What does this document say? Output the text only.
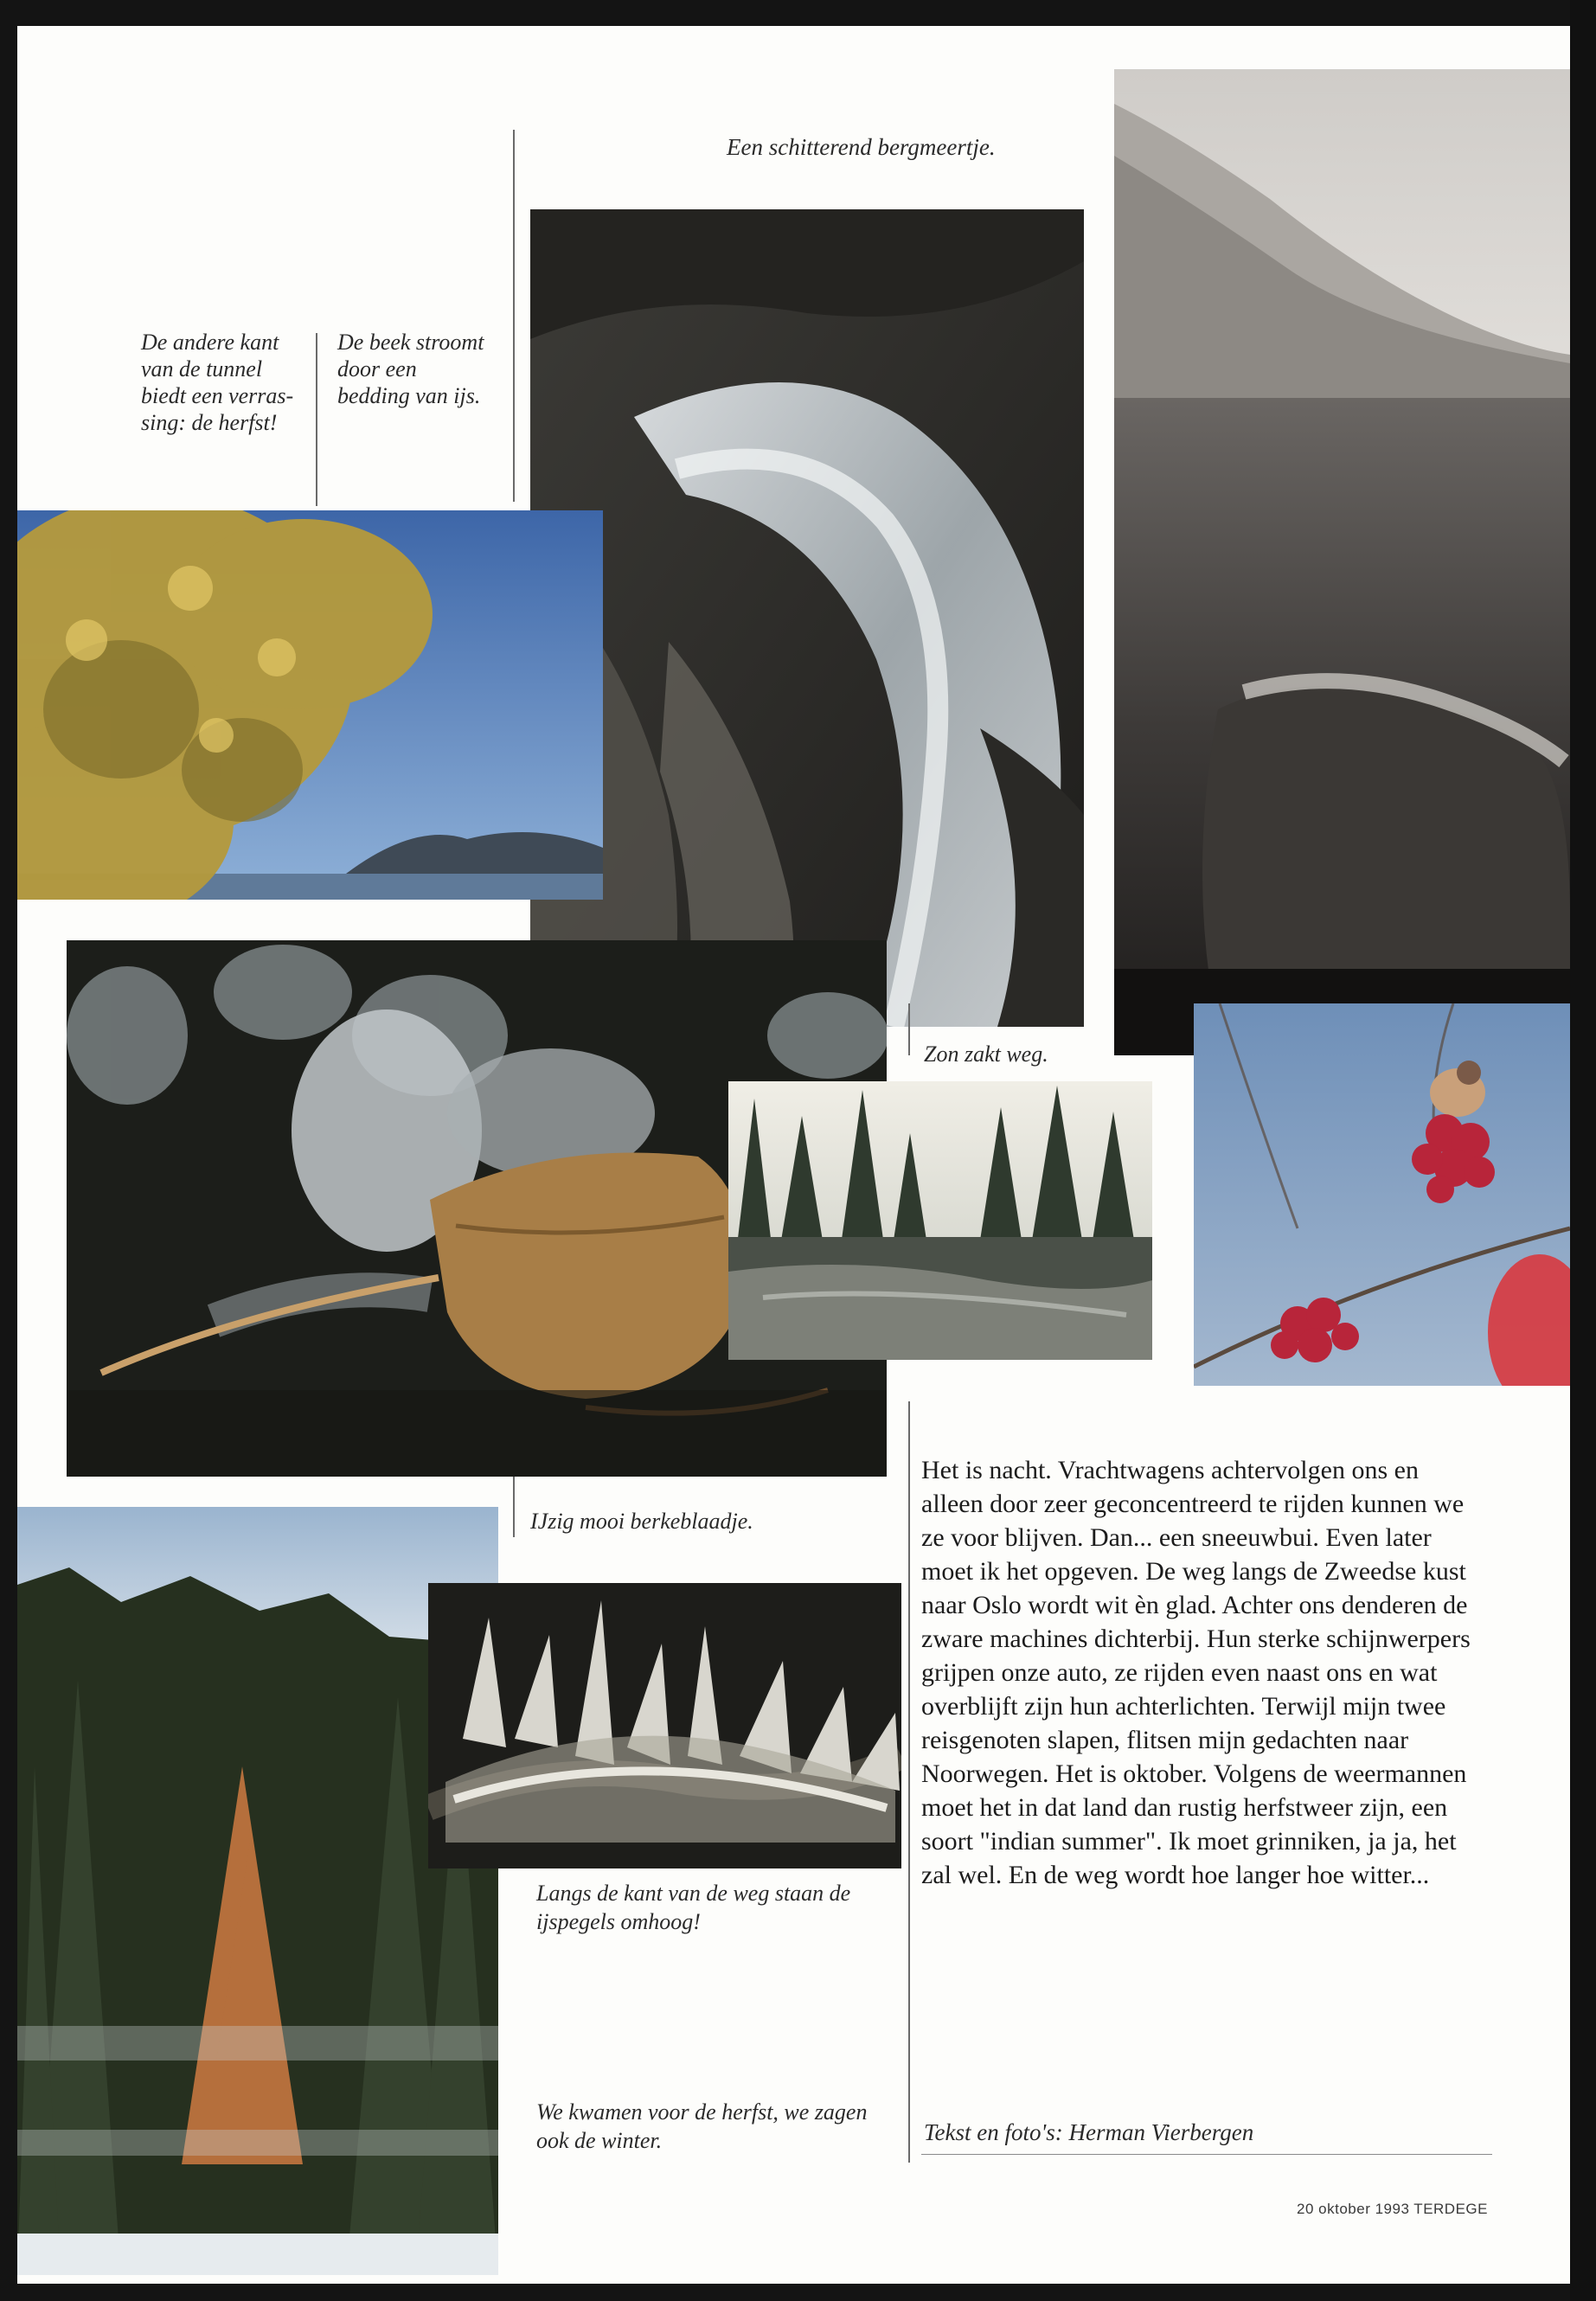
Een schitterend bergmeertje.
De andere kant van de tunnel biedt een verras-sing: de herfst!
De beek stroomt door een bedding van ijs.
Zon zakt weg.
IJzig mooi berkeblaadje.
Langs de kant van de weg staan de ijspegels omhoog!
We kwamen voor de herfst, we zagen ook de winter.
Het is nacht. Vrachtwagens achtervolgen ons en alleen door zeer geconcentreerd te rijden kunnen we ze voor blijven. Dan... een sneeuwbui. Even later moet ik het opgeven. De weg langs de Zweedse kust naar Oslo wordt wit èn glad. Achter ons denderen de zware machines dichterbij. Hun sterke schijnwerpers grijpen onze auto, ze rijden even naast ons en wat overblijft zijn hun achterlichten. Terwijl mijn twee reisgenoten slapen, flitsen mijn gedachten naar Noorwegen. Het is oktober. Volgens de weermannen moet het in dat land dan rustig herfstweer zijn, een soort "indian summer". Ik moet grinniken, ja ja, het zal wel. En de weg wordt hoe langer hoe witter...
Tekst en foto's: Herman Vierbergen
20 oktober 1993 TERDEGE
